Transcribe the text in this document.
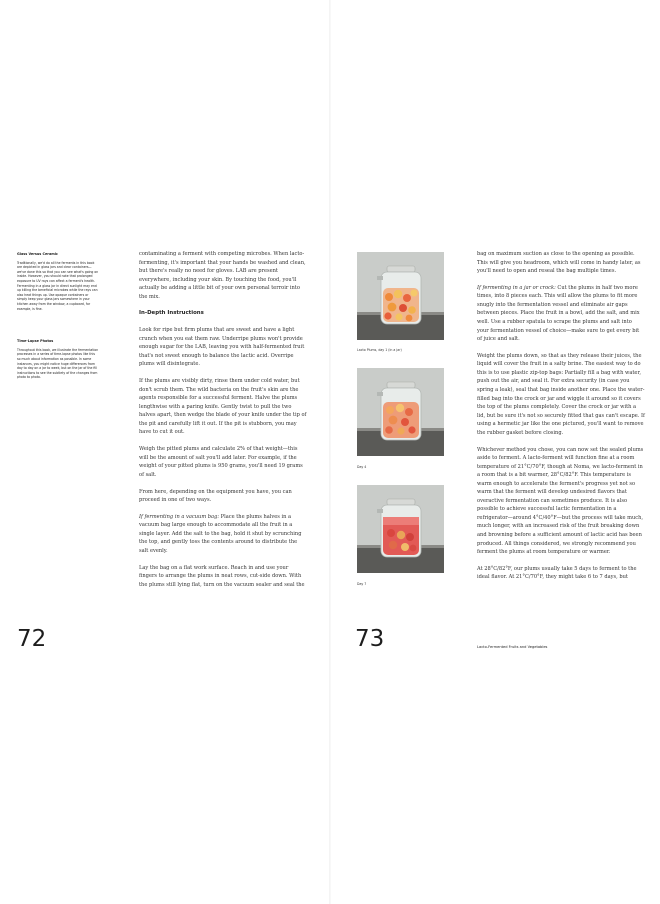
Glass Versus Ceramic
Traditionally, we'd do all the ferments in this book are depicted in glass jars and clear containers—we've done this so that you can see what's going on inside. However, you should note that prolonged exposure to UV rays can affect a ferment's health. Fermenting in a glass jar in direct sunlight may end up killing the beneficial microbes while the rays can also heat things up. Use opaque containers or simply keep your glass jars somewhere in your kitchen away from the window, a cupboard, for example, is fine.
Time-Lapse Photos
Throughout this book, we illustrate the fermentation processes in a series of time-lapse photos like this so much about information as possible. In some instances, you might notice huge differences from day to day on a jar to week, but on the jar of the fill instructions to see the subtlety of the changes from photo to photo.

contaminating a ferment with competing microbes. When lacto-fermenting, it's important that your hands be washed and clean, but there's really no need for gloves. LAB are present everywhere, including your skin. By touching the food, you'll actually be adding a little bit of your own personal terroir into the mix.

In-Depth Instructions

Look for ripe but firm plums that are sweet and have a light crunch when you eat them raw. Underripe plums won't provide enough sugar for the LAB, leaving you with half-fermented fruit that's not sweet enough to balance the lactic acid. Overripe plums will disintegrate.

If the plums are visibly dirty, rinse them under cold water, but don't scrub them. The wild bacteria on the fruit's skin are the agents responsible for a successful ferment. Halve the plums lengthwise with a paring knife. Gently twist to pull the two halves apart, then wedge the blade of your knife under the tip of the pit and carefully lift it out. If the pit is stubborn, you may have to cut it out.

Weigh the pitted plums and calculate 2% of that weight—this will be the amount of salt you'll add later. For example, if the weight of your pitted plums is 950 grams, you'll need 19 grams of salt.

From here, depending on the equipment you have, you can proceed in one of two ways.

If fermenting in a vacuum bag: Place the plums halves in a vacuum bag large enough to accommodate all the fruit in a single layer. Add the salt to the bag, hold it shut by scrunching the top, and gently toss the contents around to distribute the salt evenly.

Lay the bag on a flat work surface. Reach in and use your fingers to arrange the plums in neat rows, cut-side down. With the plums still lying flat, turn on the vacuum sealer and seal the

72
Lacto Plums, day 1 (in a jar)
Day 4
Day 7

bag on maximum suction as close to the opening as possible. This will give you headroom, which will come in handy later, as you'll need to open and reseal the bag multiple times.

If fermenting in a jar or crock: Cut the plums in half two more times, into 8 pieces each. This will allow the plums to fit more snugly into the fermentation vessel and eliminate air gaps between pieces. Place the fruit in a bowl, add the salt, and mix well. Use a rubber spatula to scrape the plums and salt into your fermentation vessel of choice—make sure to get every bit of juice and salt.

Weight the plums down, so that as they release their juices, the liquid will cover the fruit in a salty brine. The easiest way to do this is to use plastic zip-top bags: Partially fill a bag with water, push out the air, and seal it. For extra security (in case you spring a leak), seal that bag inside another one. Place the water-filled bag into the crock or jar and wiggle it around so it covers the top of the plums completely. Cover the crock or jar with a lid, but be sure it's not so securely fitted that gas can't escape. If using a hermetic jar like the one pictured, you'll want to remove the rubber gasket before closing.

Whichever method you chose, you can now set the sealed plums aside to ferment. A lacto-ferment will function fine at a room temperature of 21°C/70°F, though at Noma, we lacto-ferment in a room that is a bit warmer, 28°C/82°F. This temperature is warm enough to accelerate the ferment's progress yet not so warm that the ferment will develop undesired flavors that overactive fermentation can sometimes produce. It is also possible to achieve successful lactic fermentation in a refrigerator—around 4°C/40°F—but the process will take much, much longer, with an increased risk of the fruit breaking down and browning before a sufficient amount of lactic acid has been produced. All things considered, we strongly recommend you ferment the plums at room temperature or warmer.

At 28°C/82°F, our plums usually take 5 days to ferment to the ideal flavor. At 21°C/70°F, they might take 6 to 7 days, but

73	Lacto-Fermented Fruits and Vegetables
